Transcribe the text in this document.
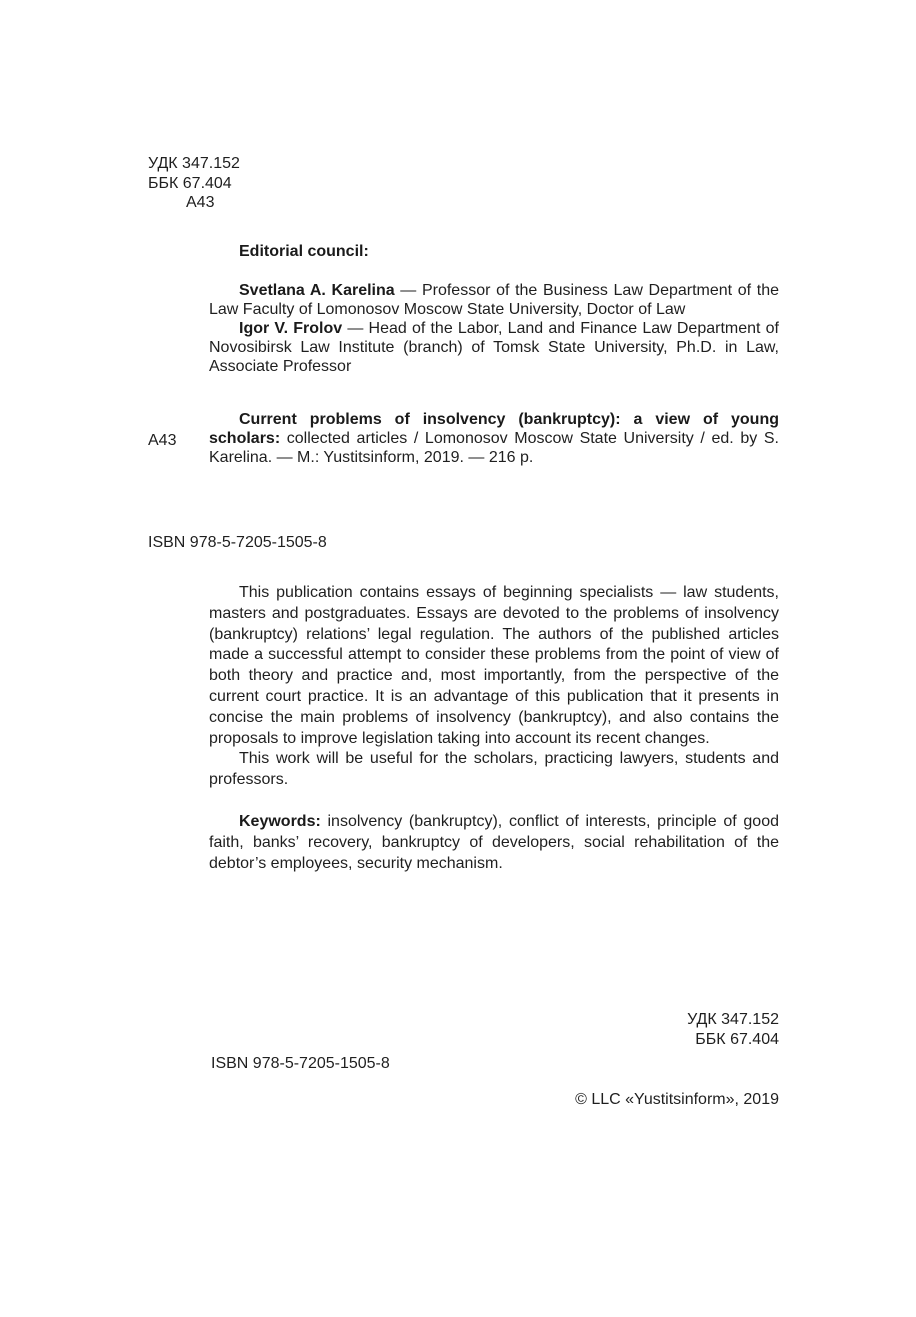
УДК 347.152
ББК 67.404
А43
Editorial council:
Svetlana A. Karelina — Professor of the Business Law Department of the Law Faculty of Lomonosov Moscow State University, Doctor of Law
Igor V. Frolov — Head of the Labor, Land and Finance Law Department of Novosibirsk Law Institute (branch) of Tomsk State University, Ph.D. in Law, Associate Professor
А43
Current problems of insolvency (bankruptcy): a view of young scholars: collected articles / Lomonosov Moscow State University / ed. by S. Karelina. — M.: Yustitsinform, 2019. — 216 p.
ISBN 978-5-7205-1505-8
This publication contains essays of beginning specialists — law students, masters and postgraduates. Essays are devoted to the problems of insolvency (bankruptcy) relations’ legal regulation. The authors of the published articles made a successful attempt to consider these problems from the point of view of both theory and practice and, most importantly, from the perspective of the current court practice. It is an advantage of this publication that it presents in concise the main problems of insolvency (bankruptcy), and also contains the proposals to improve legislation taking into account its recent changes.
This work will be useful for the scholars, practicing lawyers, students and professors.
Keywords: insolvency (bankruptcy), conflict of interests, principle of good faith, banks’ recovery, bankruptcy of developers, social rehabilitation of the debtor’s employees, security mechanism.
УДК 347.152
ББК 67.404
ISBN 978-5-7205-1505-8
© LLC «Yustitsinform», 2019
